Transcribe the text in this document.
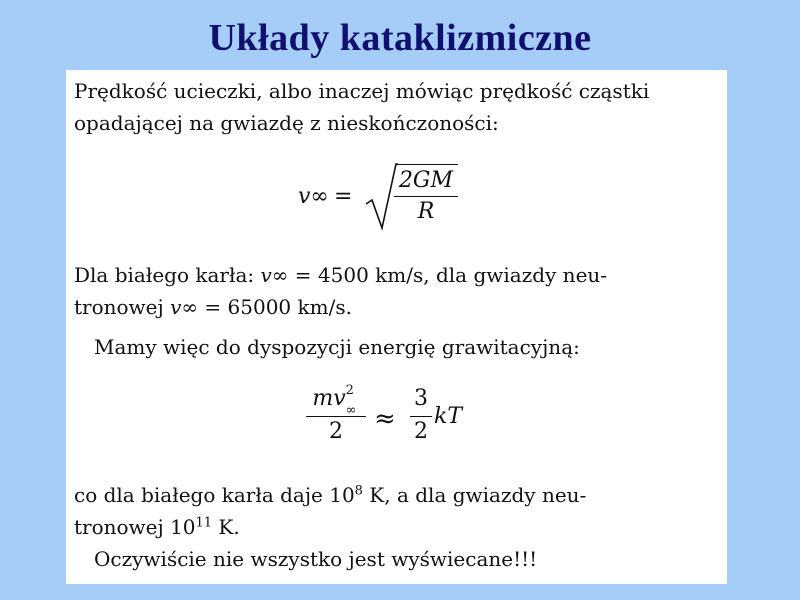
Układy kataklizmiczne
Prędkość ucieczki, albo inaczej mówiąc prędkość cząstki
opadającej na gwiazdę z nieskończoności:
v∞ =
2GM
R
Dla białego karła: v∞ = 4500 km/s, dla gwiazdy neu-
tronowej v∞ = 65000 km/s.
Mamy więc do dyspozycji energię grawitacyjną:
mv 2
∞
2	≈
3
2
kT
co dla białego karła daje $10^8$ K, a dla gwiazdy neu-
tronowej $10^{11}$ K.
Oczywiście nie wszystko jest wyświecane!!!
